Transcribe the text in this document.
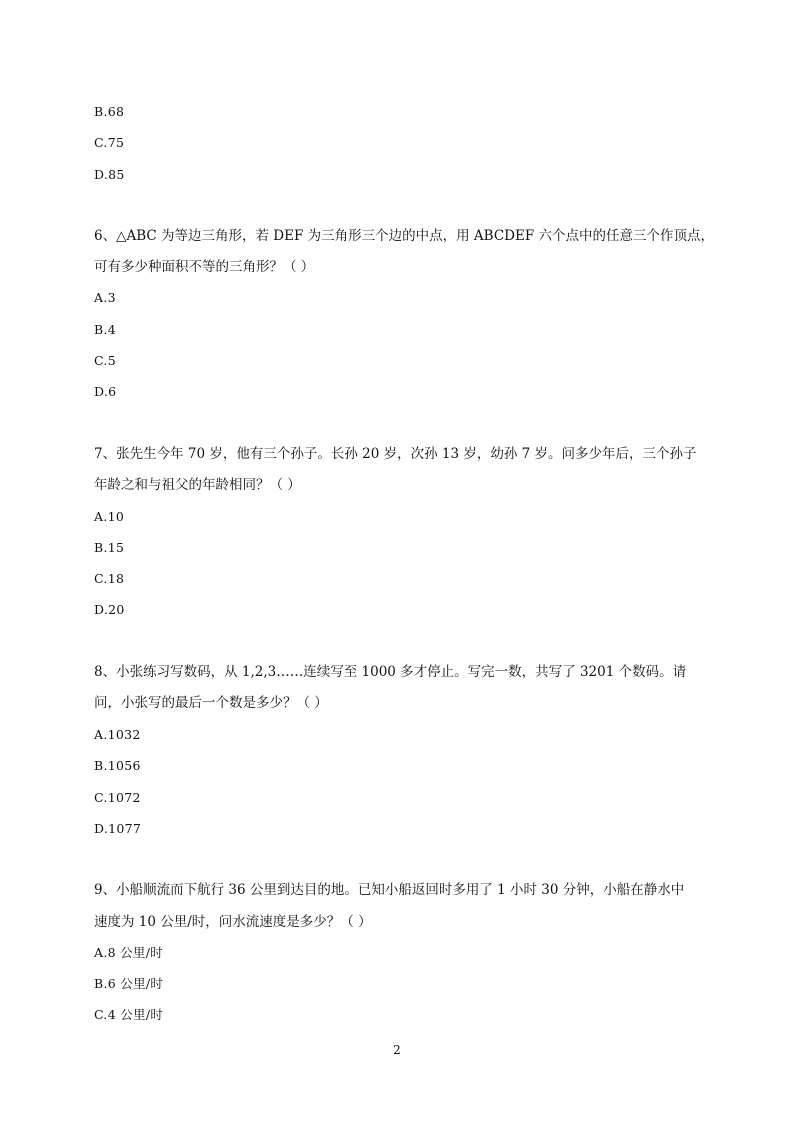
B.68
C.75
D.85
6、△ABC 为等边三角形，若 DEF 为三角形三个边的中点，用 ABCDEF 六个点中的任意三个作顶点，
可有多少种面积不等的三角形？（ ）
A.3
B.4
C.5
D.6
7、张先生今年 70 岁，他有三个孙子。长孙 20 岁，次孙 13 岁，幼孙 7 岁。问多少年后，三个孙子
年龄之和与祖父的年龄相同？（ ）
A.10
B.15
C.18
D.20
8、小张练习写数码，从 1,2,3……连续写至 1000 多才停止。写完一数，共写了 3201 个数码。请
问，小张写的最后一个数是多少？（ ）
A.1032
B.1056
C.1072
D.1077
9、小船顺流而下航行 36 公里到达目的地。已知小船返回时多用了 1 小时 30 分钟，小船在静水中
速度为 10 公里/时，问水流速度是多少？（ ）
A.8 公里/时
B.6 公里/时
C.4 公里/时
2
